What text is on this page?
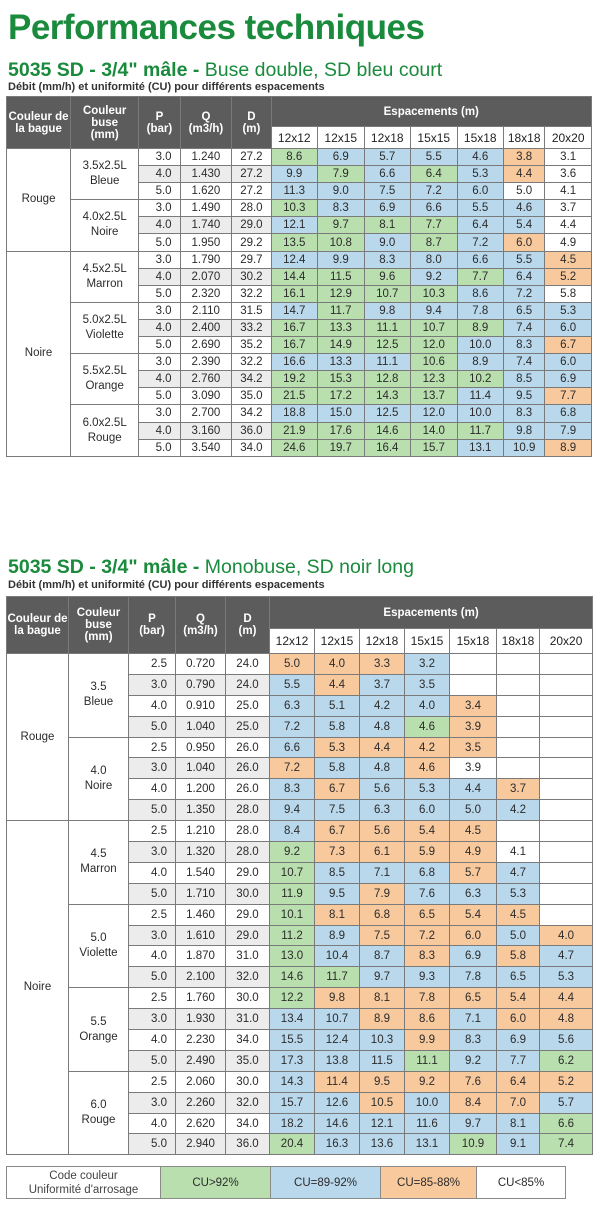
Performances techniques
5035 SD - 3/4" mâle - Buse double, SD bleu court
Débit (mm/h) et uniformité (CU) pour différents espacements
Couleur de
la bague	Couleur
buse
(mm)	P
(bar)	Q
(m3/h)	D
(m)	Espacements (m)						
					12x12	12x15	12x18	15x15	15x18	18x18	20x20
Rouge	3.5x2.5L
Bleue	3.0	1.240	27.2	8.6	6.9	5.7	5.5	4.6	3.8	3.1
		4.0	1.430	27.2	9.9	7.9	6.6	6.4	5.3	4.4	3.6
		5.0	1.620	27.2	11.3	9.0	7.5	7.2	6.0	5.0	4.1
	4.0x2.5L
Noire	3.0	1.490	28.0	10.3	8.3	6.9	6.6	5.5	4.6	3.7
		4.0	1.740	29.0	12.1	9.7	8.1	7.7	6.4	5.4	4.4
		5.0	1.950	29.2	13.5	10.8	9.0	8.7	7.2	6.0	4.9
Noire	4.5x2.5L
Marron	3.0	1.790	29.7	12.4	9.9	8.3	8.0	6.6	5.5	4.5
		4.0	2.070	30.2	14.4	11.5	9.6	9.2	7.7	6.4	5.2
		5.0	2.320	32.2	16.1	12.9	10.7	10.3	8.6	7.2	5.8
	5.0x2.5L
Violette	3.0	2.110	31.5	14.7	11.7	9.8	9.4	7.8	6.5	5.3
		4.0	2.400	33.2	16.7	13.3	11.1	10.7	8.9	7.4	6.0
		5.0	2.690	35.2	16.7	14.9	12.5	12.0	10.0	8.3	6.7
	5.5x2.5L
Orange	3.0	2.390	32.2	16.6	13.3	11.1	10.6	8.9	7.4	6.0
		4.0	2.760	34.2	19.2	15.3	12.8	12.3	10.2	8.5	6.9
		5.0	3.090	35.0	21.5	17.2	14.3	13.7	11.4	9.5	7.7
	6.0x2.5L
Rouge	3.0	2.700	34.2	18.8	15.0	12.5	12.0	10.0	8.3	6.8
		4.0	3.160	36.0	21.9	17.6	14.6	14.0	11.7	9.8	7.9
		5.0	3.540	34.0	24.6	19.7	16.4	15.7	13.1	10.9	8.9
5035 SD - 3/4" mâle - Monobuse, SD noir long
Débit (mm/h) et uniformité (CU) pour différents espacements
Couleur de
la bague	Couleur
buse
(mm)	P
(bar)	Q
(m3/h)	D
(m)	Espacements (m)						
					12x12	12x15	12x18	15x15	15x18	18x18	20x20
Rouge	3.5
Bleue	2.5	0.720	24.0	5.0	4.0	3.3	3.2			
		3.0	0.790	24.0	5.5	4.4	3.7	3.5			
		4.0	0.910	25.0	6.3	5.1	4.2	4.0	3.4		
		5.0	1.040	25.0	7.2	5.8	4.8	4.6	3.9		
	4.0
Noire	2.5	0.950	26.0	6.6	5.3	4.4	4.2	3.5		
		3.0	1.040	26.0	7.2	5.8	4.8	4.6	3.9		
		4.0	1.200	26.0	8.3	6.7	5.6	5.3	4.4	3.7	
		5.0	1.350	28.0	9.4	7.5	6.3	6.0	5.0	4.2	
Noire	4.5
Marron	2.5	1.210	28.0	8.4	6.7	5.6	5.4	4.5		
		3.0	1.320	28.0	9.2	7.3	6.1	5.9	4.9	4.1	
		4.0	1.540	29.0	10.7	8.5	7.1	6.8	5.7	4.7	
		5.0	1.710	30.0	11.9	9.5	7.9	7.6	6.3	5.3	
	5.0
Violette	2.5	1.460	29.0	10.1	8.1	6.8	6.5	5.4	4.5	
		3.0	1.610	29.0	11.2	8.9	7.5	7.2	6.0	5.0	4.0
		4.0	1.870	31.0	13.0	10.4	8.7	8.3	6.9	5.8	4.7
		5.0	2.100	32.0	14.6	11.7	9.7	9.3	7.8	6.5	5.3
	5.5
Orange	2.5	1.760	30.0	12.2	9.8	8.1	7.8	6.5	5.4	4.4
		3.0	1.930	31.0	13.4	10.7	8.9	8.6	7.1	6.0	4.8
		4.0	2.230	34.0	15.5	12.4	10.3	9.9	8.3	6.9	5.6
		5.0	2.490	35.0	17.3	13.8	11.5	11.1	9.2	7.7	6.2
	6.0
Rouge	2.5	2.060	30.0	14.3	11.4	9.5	9.2	7.6	6.4	5.2
		3.0	2.260	32.0	15.7	12.6	10.5	10.0	8.4	7.0	5.7
		4.0	2.620	34.0	18.2	14.6	12.1	11.6	9.7	8.1	6.6
		5.0	2.940	36.0	20.4	16.3	13.6	13.1	10.9	9.1	7.4
Code couleur
Uniformité d'arrosage
CU>92%	CU=89-92%	CU=85-88%	CU<85%
